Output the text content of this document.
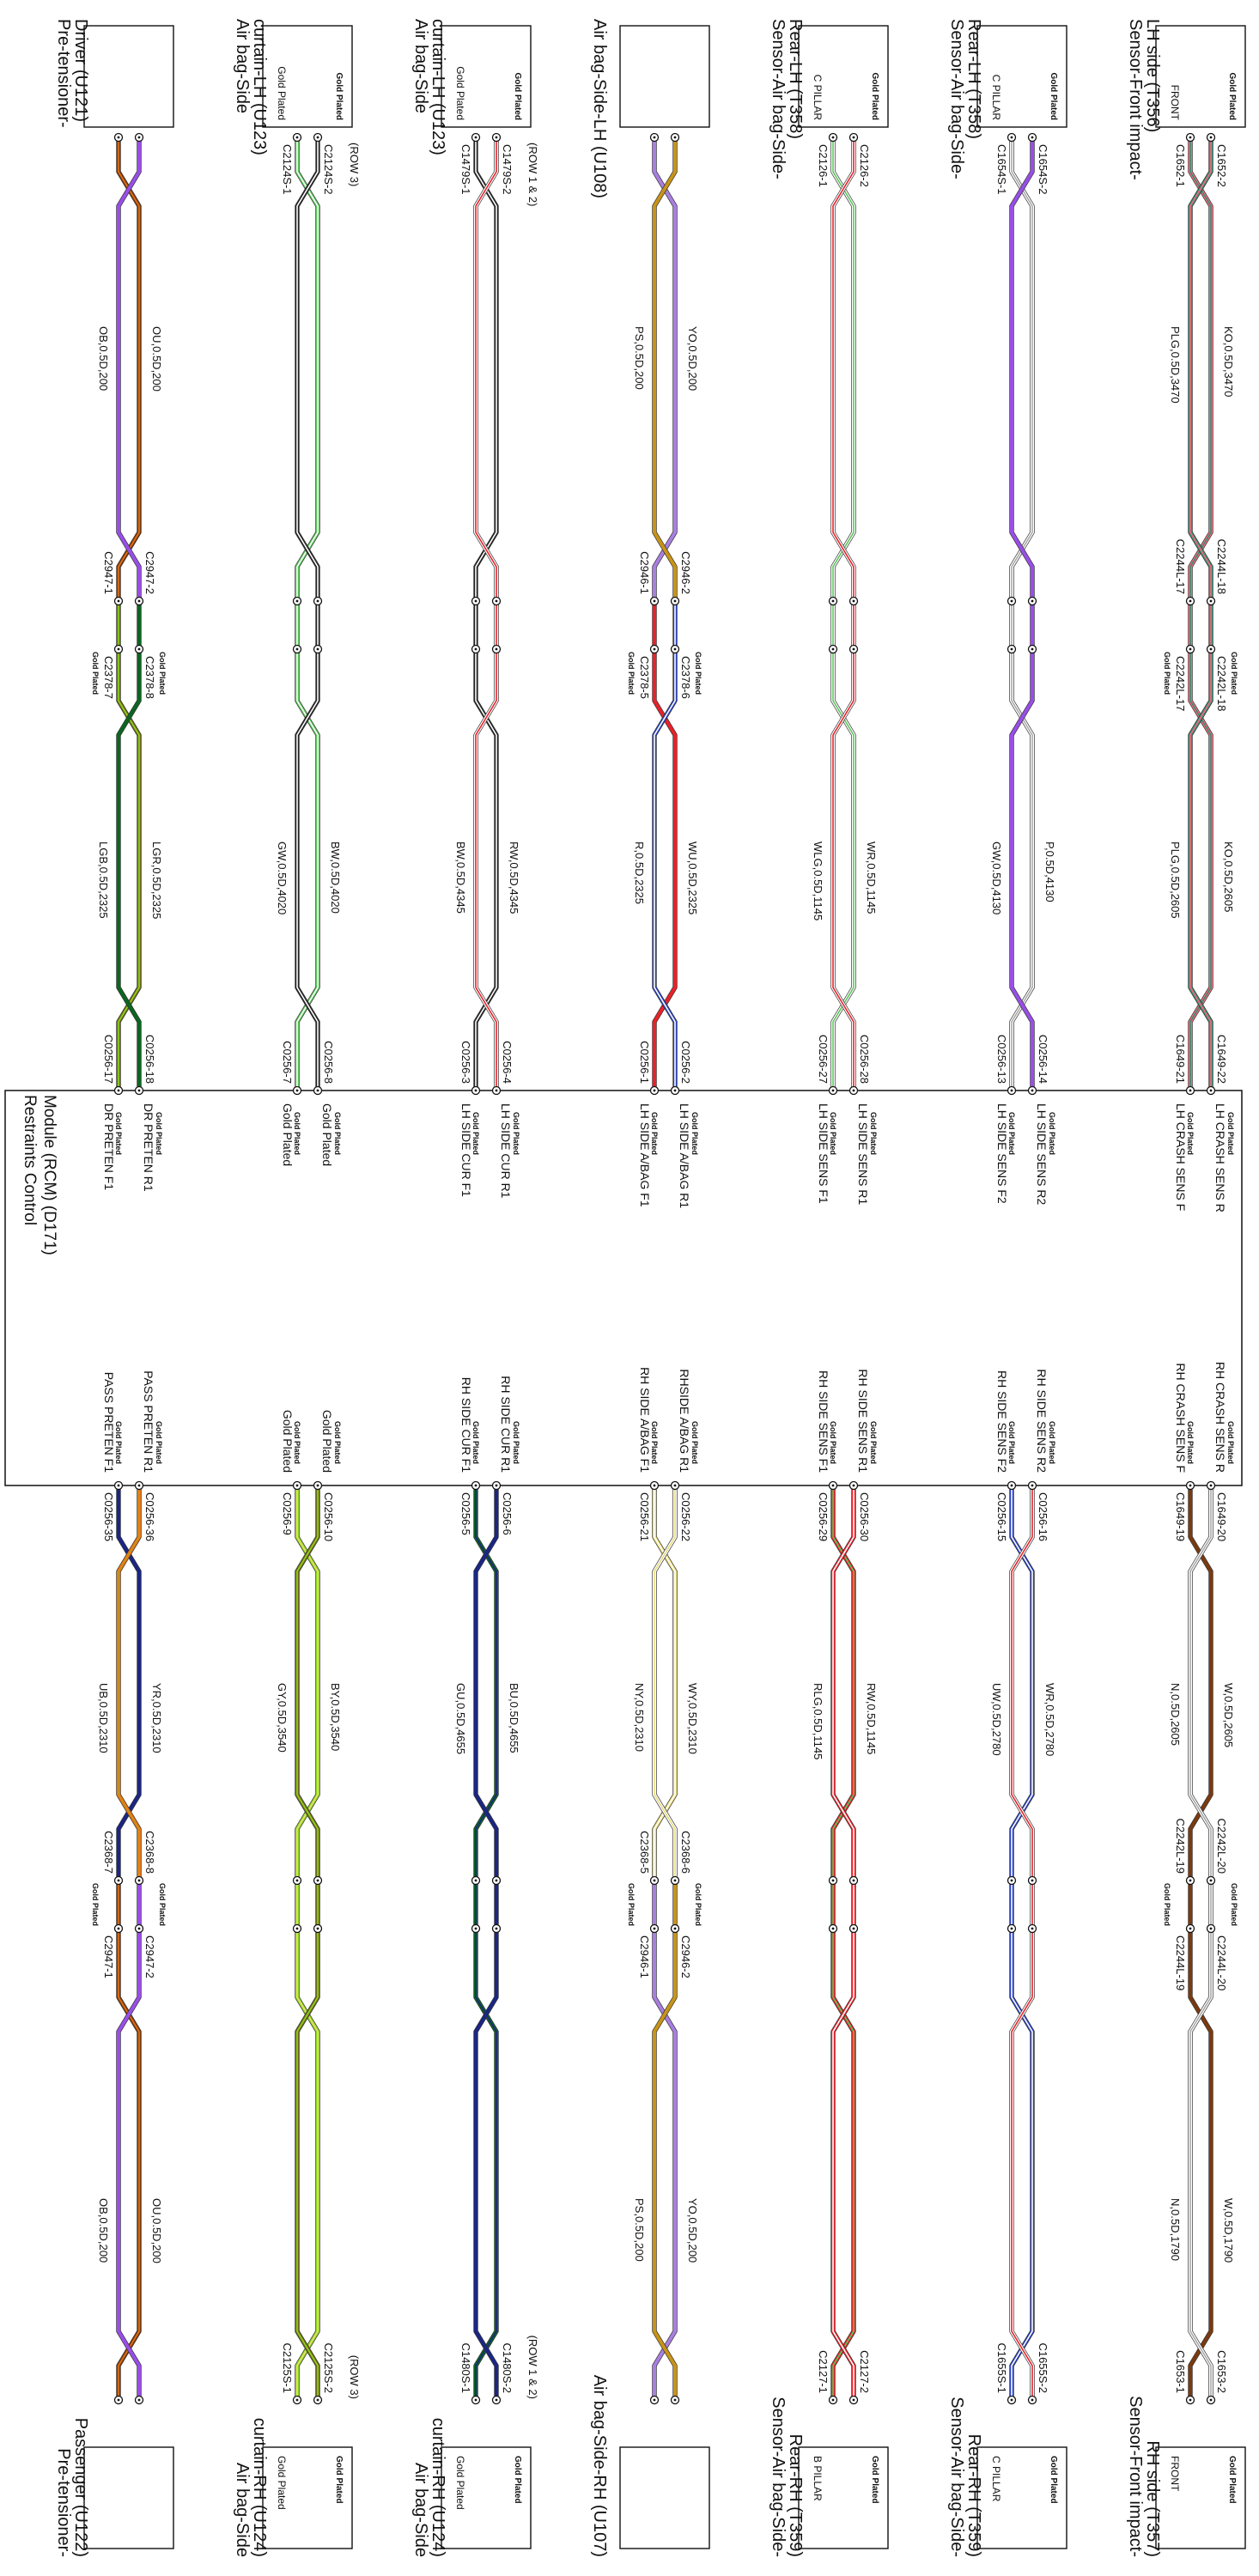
Restraints Control Module (RCM) (D171)
Sensor-Front impact-
LH side (T356)
Sensor-Front impact-
RH side (T357)
FRONT	Gold Plated
FRONT	Gold Plated
C1652-1	C1652-2
C2244L-17	C2244L-18
C2242L-17	C2242L-18
C1649-21	C1649-22
C1649-19	C1649-20
C2242L-19	C2242L-20
C2244L-19	C2244L-20
C1653-1	C1653-2
PLG,0.5D,3470	KO,0.5D,3470
PLG,0.5D,2605	KO,0.5D,2605
N,0.5D,2605	W,0.5D,2605
N,0.5D,1790	W,0.5D,1790
LH CRASH SENS F LH CRASH SENS R
RH CRASH SENS F RH CRASH SENS R
Gold Plated	Gold Plated
Gold Plated	Gold Plated
Gold Plated	Gold Plated
Gold Plated	Gold Plated
Sensor-Air bag-Side-
Rear-LH (T358)
Sensor-Air bag-Side-
Rear-RH (T359)
C PILLAR	Gold Plated
C PILLAR	Gold Plated
C1654S-1	C1654S-2
C0256-13	C0256-14
C0256-15	C0256-16
C1655S-1	C1655S-2
GW,0.5D,4130	P,0.5D,4130
UW,0.5D,2780	WR,0.5D,2780
LH SIDE SENS F2 LH SIDE SENS R2
RH SIDE SENS F2 RH SIDE SENS R2
Gold Plated	Gold Plated
Gold Plated	Gold Plated
Sensor-Air bag-Side-
Rear-LH (T358)
Sensor-Air bag-Side-
Rear-RH (T359)
C PILLAR	Gold Plated
B PILLAR	Gold Plated
C2126-1	C2126-2
C0256-27	C0256-28
C0256-29	C0256-30
C2127-1	C2127-2
WLG,0.5D,1145	WR,0.5D,1145
RLG,0.5D,1145	RW,0.5D,1145
LH SIDE SENS F1 LH SIDE SENS R1
RH SIDE SENS F1 RH SIDE SENS R1
Gold Plated	Gold Plated
Gold Plated	Gold Plated
Air bag-Side-LH (U108)
Air bag-Side-RH (U107)
C2946-1	C2946-2
C2378-5	C2378-6
C0256-1	C0256-2
C0256-21	C0256-22
C2368-5	C2368-6
C2946-1	C2946-2
PS,0.5D,200	YO,0.5D,200
R,0.5D,2325	WU,0.5D,2325
NY,0.5D,2310	WY,0.5D,2310
PS,0.5D,200	YO,0.5D,200
LH SIDE A/BAG F1 LH SIDE A/BAG R1
RH SIDE A/BAG F1 RHSIDE A/BAG R1
Gold Plated	Gold Plated
Gold Plated	Gold Plated
Gold Plated	Gold Plated
Gold Plated	Gold Plated
Air bag-Side
curtain-LH (U123)
Air bag-Side
curtain-RH (U124)
Gold Plated	Gold Plated
Gold Plated	Gold Plated
(ROW 1 & 2)
(ROW 1 & 2)
C1479S-1	C1479S-2
C0256-3	C0256-4
C0256-5	C0256-6
C1480S-1	C1480S-2
BW,0.5D,4345	RW,0.5D,4345
GU,0.5D,4655	BU,0.5D,4655
LH SIDE CUR F1 LH SIDE CUR R1
RH SIDE CUR F1 RH SIDE CUR R1
Gold Plated	Gold Plated
Gold Plated	Gold Plated
Air bag-Side
curtain-LH (U123)
Air bag-Side
curtain-RH (U124)
Gold Plated	Gold Plated
Gold Plated	Gold Plated
(ROW 3)
(ROW 3)
C2124S-1	C2124S-2
C0256-7	C0256-8
C0256-9	C0256-10
C2125S-1	C2125S-2
GW,0.5D,4020	BW,0.5D,4020
GY,0.5D,3540	BY,0.5D,3540
Gold Plated Gold Plated
Gold Plated Gold Plated
Gold Plated	Gold Plated
Gold Plated	Gold Plated
Pre-tensioner-
Driver (U121)
Pre-tensioner-
Passenger (U122)
C2947-1	C2947-2
C2378-7	C2378-8
C0256-17	C0256-18
C0256-35	C0256-36
C2368-7	C2368-8
C2947-1	C2947-2
OB,0.5D,200	OU,0.5D,200
LGB,0.5D,2325	LGR,0.5D,2325
UB,0.5D,2310	YR,0.5D,2310
OB,0.5D,200	OU,0.5D,200
DR PRETEN F1 DR PRETEN R1
PASS PRETEN F1 PASS PRETEN R1
Gold Plated	Gold Plated
Gold Plated	Gold Plated
Gold Plated	Gold Plated
Gold Plated	Gold Plated
